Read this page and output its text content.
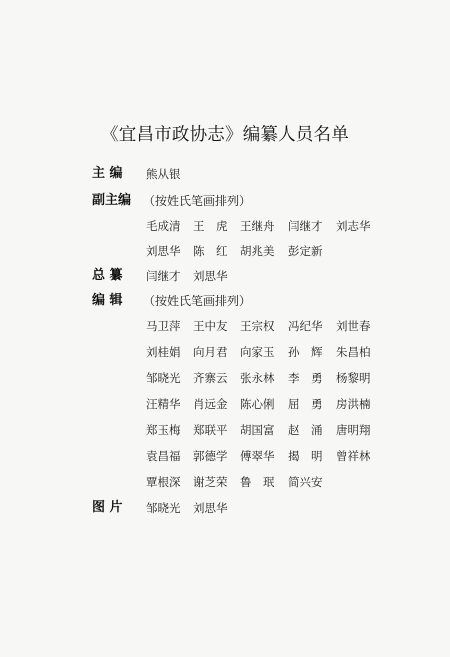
《宜昌市政协志》编纂人员名单
主 编	熊从银
副主编 （按姓氏笔画排列）
毛成清 王　虎 王继舟 闫继才 刘志华
刘思华 陈　红 胡兆美 彭定新
总 纂	闫继才 刘思华
编 辑	（按姓氏笔画排列）
马卫萍 王中友 王宗权 冯纪华 刘世春
刘桂娟 向月君 向家玉 孙　辉 朱昌柏
邹晓光 齐寨云 张永林 李　勇 杨黎明
汪精华 肖远金 陈心俐 屈　勇 房洪楠
郑玉梅 郑联平 胡国富 赵　涌 唐明翔
袁昌福 郭德学 傅翠华 揭　明 曾祥林
覃根深 谢芝荣 鲁　珉 简兴安
图 片	邹晓光 刘思华
